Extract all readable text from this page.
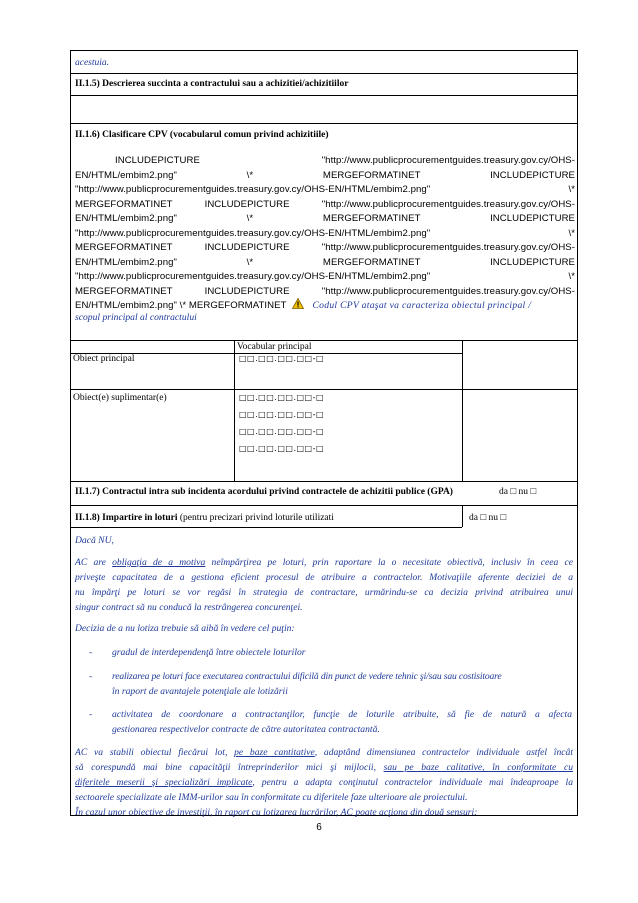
acestuia.
II.1.5) Descrierea succinta a contractului sau a achizitiei/achizitiilor
II.1.6) Clasificare CPV (vocabularul comun privind achizitiile)
INCLUDEPICTURE "http://www.publicprocurementguides.treasury.gov.cy/OHS-
EN/HTML/embim2.png" \* MERGEFORMATINET INCLUDEPICTURE
"http://www.publicprocurementguides.treasury.gov.cy/OHS-EN/HTML/embim2.png" \*
MERGEFORMATINET INCLUDEPICTURE "http://www.publicprocurementguides.treasury.gov.cy/OHS-
EN/HTML/embim2.png" \* MERGEFORMATINET INCLUDEPICTURE
"http://www.publicprocurementguides.treasury.gov.cy/OHS-EN/HTML/embim2.png" \*
MERGEFORMATINET INCLUDEPICTURE "http://www.publicprocurementguides.treasury.gov.cy/OHS-
EN/HTML/embim2.png" \* MERGEFORMATINET INCLUDEPICTURE
"http://www.publicprocurementguides.treasury.gov.cy/OHS-EN/HTML/embim2.png" \*
MERGEFORMATINET INCLUDEPICTURE "http://www.publicprocurementguides.treasury.gov.cy/OHS-
EN/HTML/embim2.png" \* MERGEFORMATINET	Codul CPV ataşat va caracteriza obiectul principal /
scopul principal al contractului
Vocabular principal
Obiect principal	□□.□□.□□.□□-□
Obiect(e) suplimentar(e)	□□.□□.□□.□□-□
□□.□□.□□.□□-□
□□.□□.□□.□□-□
□□.□□.□□.□□-□
II.1.7) Contractul intra sub incidenta acordului privind contractele de achizitii publice (GPA)	da □ nu □
II.1.8) Impartire in loturi (pentru precizari privind loturile utilizati	da □ nu □
Dacă NU,
AC are obligaţia de a motiva neîmpărţirea pe loturi, prin raportare la o necesitate obiectivă, inclusiv în ceea ce
priveşte capacitatea de a gestiona eficient procesul de atribuire a contractelor. Motivaţiile aferente deciziei de a
nu împărţi pe loturi se vor regăsi în strategia de contractare, urmărindu-se ca decizia privind atribuirea unui
singur contract să nu conducă la restrângerea concurenţei.
Decizia de a nu lotiza trebuie să aibă în vedere cel puţin:
- gradul de interdependenţă între obiectele loturilor
- realizarea pe loturi face executarea contractului dificilă din punct de vedere tehnic şi/sau sau costisitoare
în raport de avantajele potenţiale ale lotizării
- activitatea de coordonare a contractanţilor, funcţie de loturile atribuite, să fie de natură a afecta
gestionarea respectivelor contracte de către autoritatea contractantă.
AC va stabili obiectul fiecărui lot, pe baze cantitative, adaptând dimensiunea contractelor individuale astfel încât
să corespundă mai bine capacităţii întreprinderilor mici şi mijlocii, sau pe baze calitative, în conformitate cu
diferitele meserii şi specializări implicate, pentru a adapta conţinutul contractelor individuale mai îndeaproape la
sectoarele specializate ale IMM-urilor sau în conformitate cu diferitele faze ulterioare ale proiectului.
În cazul unor obiective de investiţii, în raport cu lotizarea lucrărilor, AC poate acţiona din două sensuri:
6
